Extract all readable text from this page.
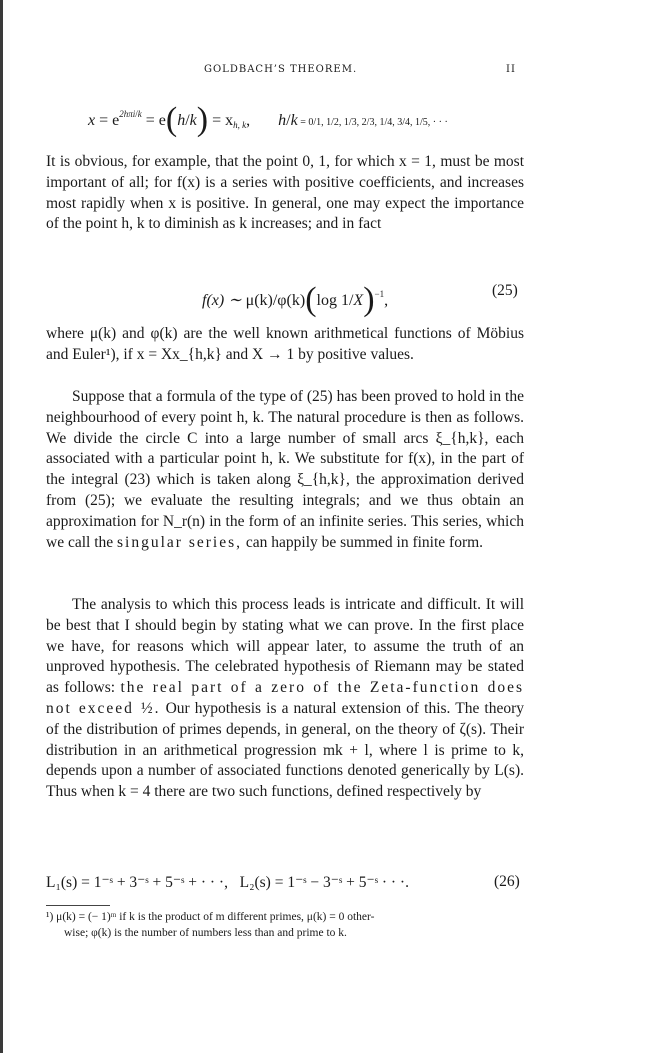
GOLDBACH’S THEOREM.	II
$x = e^{2h\pi i/k} = e(h/k)$ = xh, k, h/k = 0/1, 1/2, 1/3, 2/3, 1/4, 3/4, 1/5, · · ·

It is obvious, for example, that the point 0, 1, for which x = 1, must be most important of all; for f(x) is a series with positive coefficients, and increases most rapidly when x is positive. In general, one may expect the importance of the point h, k to diminish as k increases; and in fact

f(x) ∼ μ(k)/φ(k)(log 1/X)$^{-1}$,
(25)

where μ(k) and φ(k) are the well known arithmetical functions of Möbius and Euler¹), if x = Xx_{h,k} and X → 1 by positive values.

Suppose that a formula of the type of (25) has been proved to hold in the neighbourhood of every point h, k. The natural procedure is then as follows. We divide the circle C into a large number of small arcs ξ_{h,k}, each associated with a particular point h, k. We substitute for f(x), in the part of the integral (23) which is taken along ξ_{h,k}, the approximation derived from (25); we evaluate the resulting integrals; and we thus obtain an approximation for N_r(n) in the form of an infinite series. This series, which we call the singular series, can happily be summed in finite form.

The analysis to which this process leads is intricate and difficult. It will be best that I should begin by stating what we can prove. In the first place we have, for reasons which will appear later, to assume the truth of an unproved hypothesis. The celebrated hypothesis of Riemann may be stated as follows: the real part of a zero of the Zeta-function does not exceed ½. Our hypothesis is a natural extension of this. The theory of the distribution of primes depends, in general, on the theory of ζ(s). Their distribution in an arithmetical progression mk + l, where l is prime to k, depends upon a number of associated functions denoted generically by L(s). Thus when k = 4 there are two such functions, defined respectively by

L₁(s) = 1⁻ˢ + 3⁻ˢ + 5⁻ˢ + · · ·, L₂(s) = 1⁻ˢ − 3⁻ˢ + 5⁻ˢ · · ·.	(26)
¹) μ(k) = (− 1)ᵐ if k is the product of m different primes, μ(k) = 0 other-
wise; φ(k) is the number of numbers less than and prime to k.
